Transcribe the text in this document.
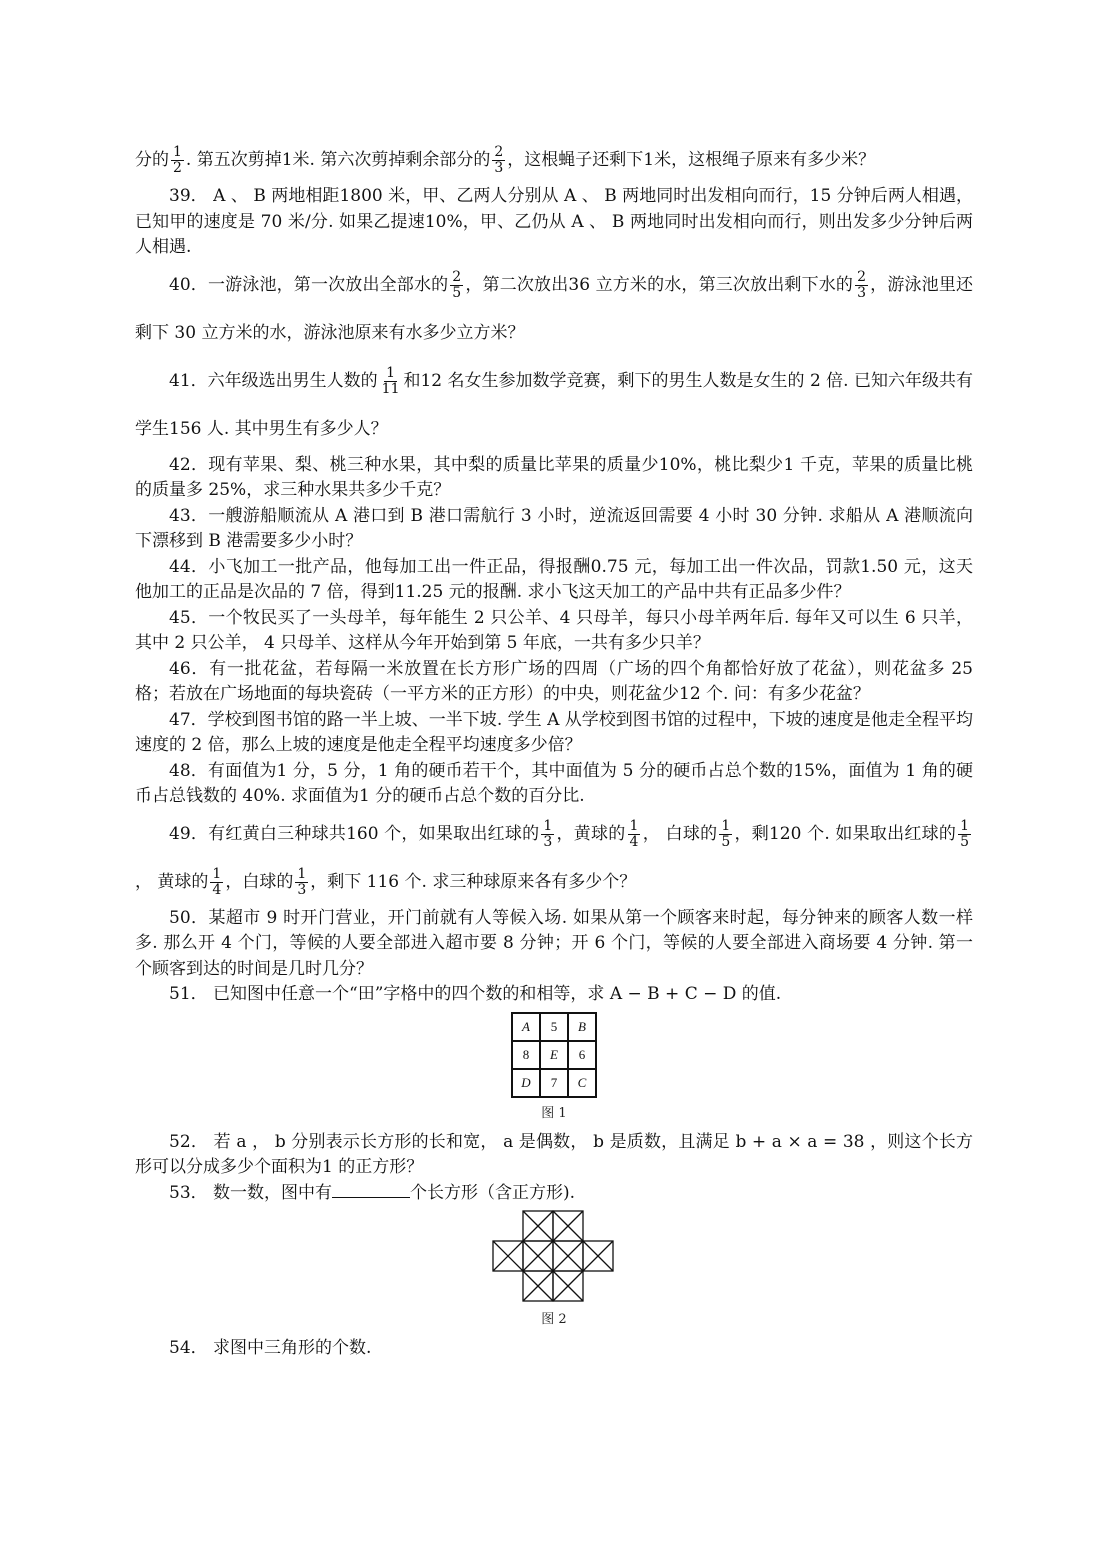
分的 $\frac{1}{2}$ . 第五次剪掉1米. 第六次剪掉剩余部分的 $\frac{2}{3}$ ，这根蝇子还剩下1米，这根绳子原来有多少米？

39． A 、 B 两地相距1800 米，甲、乙两人分别从 A 、 B 两地同时出发相向而行，15 分钟后两人相遇，已知甲的速度是 70 米/分. 如果乙提速10%，甲、乙仍从 A 、 B 两地同时出发相向而行，则出发多少分钟后两人相遇.

40．一游泳池，第一次放出全部水的 $\frac{2}{5}$ ，第二次放出36 立方米的水，第三次放出剩下水的 $\frac{2}{3}$ ，游泳池里还剩下 30 立方米的水，游泳池原来有水多少立方米？

41．六年级选出男生人数的 $\frac{1}{11}$ 和12 名女生参加数学竞赛，剩下的男生人数是女生的 2 倍. 已知六年级共有学生156 人. 其中男生有多少人？

42．现有苹果、梨、桃三种水果，其中梨的质量比苹果的质量少10%，桃比梨少1 千克，苹果的质量比桃的质量多 25%，求三种水果共多少千克？

43．一艘游船顺流从 A 港口到 B 港口需航行 3 小时，逆流返回需要 4 小时 30 分钟. 求船从 A 港顺流向下漂移到 B 港需要多少小时？

44．小飞加工一批产品，他每加工出一件正品，得报酬0.75 元，每加工出一件次品，罚款1.50 元，这天他加工的正品是次品的 7 倍，得到11.25 元的报酬. 求小飞这天加工的产品中共有正品多少件？

45．一个牧民买了一头母羊，每年能生 2 只公羊、4 只母羊，每只小母羊两年后. 每年又可以生 6 只羊，其中 2 只公羊， 4 只母羊、这样从今年开始到第 5 年底，一共有多少只羊？

46．有一批花盆，若每隔一米放置在长方形广场的四周（广场的四个角都恰好放了花盆），则花盆多 25 格；若放在广场地面的每块瓷砖（一平方米的正方形）的中央，则花盆少12 个. 问：有多少花盆？

47．学校到图书馆的路一半上坡、一半下坡. 学生 A 从学校到图书馆的过程中，下坡的速度是他走全程平均速度的 2 倍，那么上坡的速度是他走全程平均速度多少倍？

48．有面值为1 分，5 分，1 角的硬币若干个，其中面值为 5 分的硬币占总个数的15%，面值为 1 角的硬币占总钱数的 40%. 求面值为1 分的硬币占总个数的百分比.

49．有红黄白三种球共160 个，如果取出红球的 $\frac{1}{3}$ ，黄球的 $\frac{1}{4}$ ， 白球的 $\frac{1}{5}$ ，剩120 个. 如果取出红球的 $\frac{1}{5}$
， 黄球的 $\frac{1}{4}$ ，白球的 $\frac{1}{3}$ ，剩下 116 个. 求三种球原来各有多少个？

50．某超市 9 时开门营业，开门前就有人等候入场. 如果从第一个顾客来时起，每分钟来的顾客人数一样多. 那么开 4 个门，等候的人要全部进入超市要 8 分钟；开 6 个门，等候的人要全部进入商场要 4 分钟. 第一个顾客到达的时间是几时几分？

51． 已知图中任意一个“田”字格中的四个数的和相等，求 A − B + C − D 的值.

A	5	B
8	E	6
D	7	C
图 1

52． 若 a ， b 分别表示长方形的长和宽， a 是偶数， b 是质数，且满足 b + a × a = 38 ，则这个长方形可以分成多少个面积为1 的正方形？

53． 数一数，图中有	个长方形（含正方形).

图 2

54． 求图中三角形的个数.
